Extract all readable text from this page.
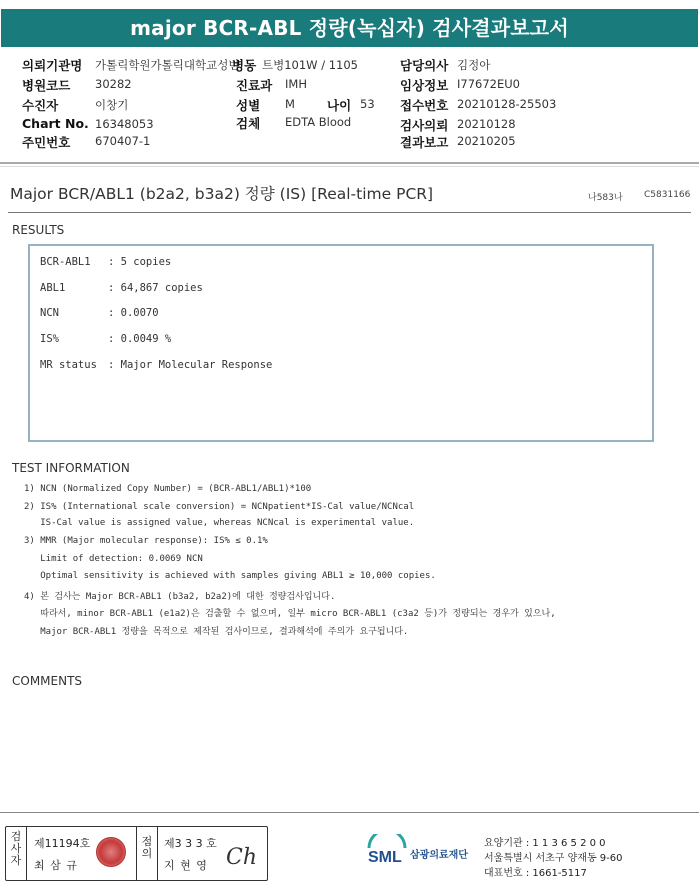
major BCR-ABL 정량(녹십자) 검사결과보고서
의뢰기관명 가톨릭학원가톨릭대학교성빈
병동 트병101W / 1105	담당의사 김정아
병원코드 30282	진료과 IMH	임상정보 I77672EU0
수진자	이창기	성별 M	나이 53 접수번호 20210128-25503
Chart No. 16348053	검체 EDTA Blood	검사의뢰 20210128
주민번호 670407-1	결과보고 20210205
Major BCR/ABL1 (b2a2, b3a2) 정량 (IS) [Real-time PCR]	나583나 C5831166
RESULTS
BCR-ABL1 : 5 copies
ABL1	: 64,867 copies
NCN	: 0.0070
IS%	: 0.0049 %
MR status : Major Molecular Response
TEST INFORMATION
1) NCN (Normalized Copy Number) = (BCR-ABL1/ABL1)*100
2) IS% (International scale conversion) = NCNpatient*IS-Cal value/NCNcal
IS-Cal value is assigned value, whereas NCNcal is experimental value.
3) MMR (Major molecular response): IS% ≤ 0.1%
Limit of detection: 0.0069 NCN
Optimal sensitivity is achieved with samples giving ABL1 ≥ 10,000 copies.
4) 본 검사는 Major BCR-ABL1 (b3a2, b2a2)에 대한 정량검사입니다.
따라서, minor BCR-ABL1 (e1a2)은 검출할 수 없으며, 일부 micro BCR-ABL1 (c3a2 등)가 정량되는 경우가 있으나,
Major BCR-ABL1 정량을 목적으로 제작된 검사이므로, 결과해석에 주의가 요구됩니다.
COMMENTS
검사자
제11194호
최 삼 규
점의
제3 3 3 호
지 현 영 Ch	SML 삼광의료재단
요양기관 : 1 1 3 6 5 2 0 0
서울특별시 서초구 양재동 9-60
대표번호 : 1661-5117
